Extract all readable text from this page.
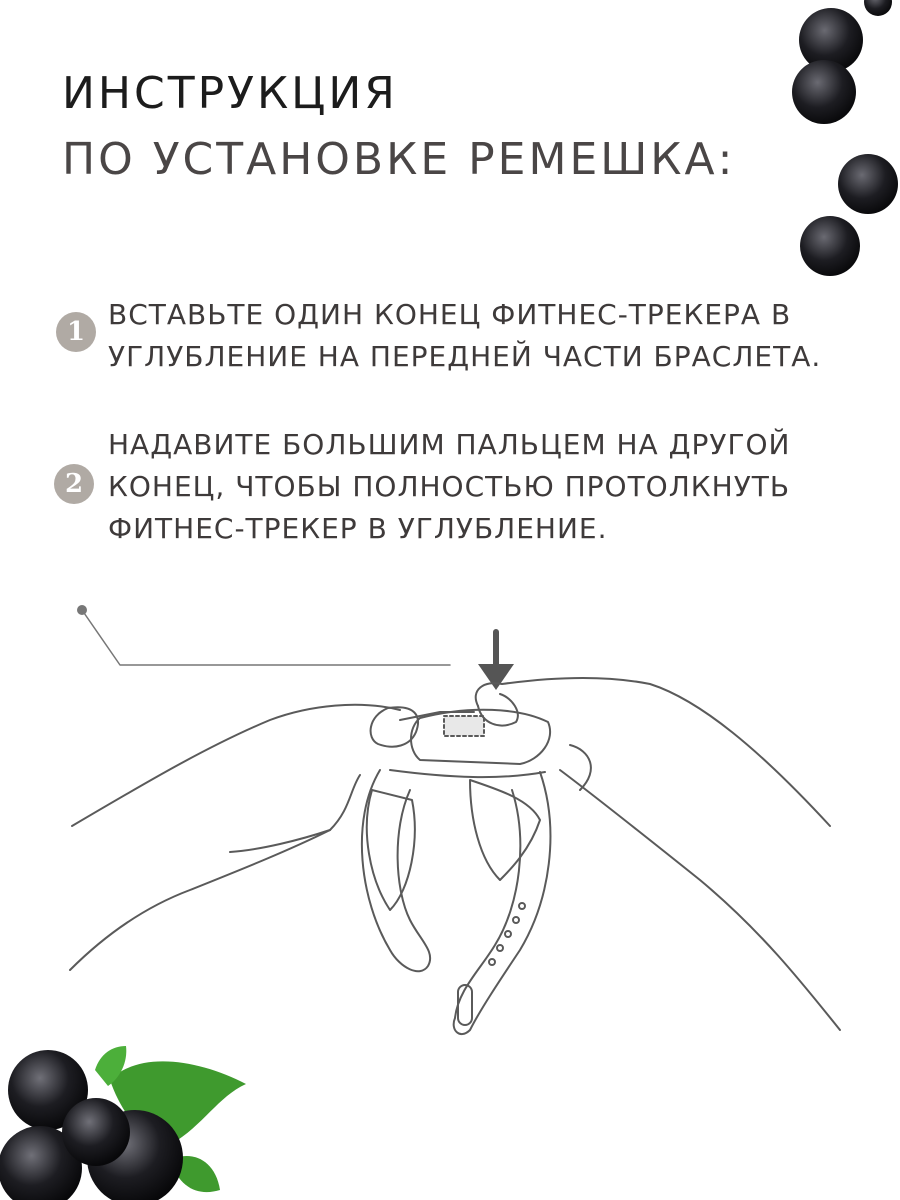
ИНСТРУКЦИЯ
ПО УСТАНОВКЕ РЕМЕШКА:
1

ВСТАВЬТЕ ОДИН КОНЕЦ ФИТНЕС-ТРЕКЕРА В
УГЛУБЛЕНИЕ НА ПЕРЕДНЕЙ ЧАСТИ БРАСЛЕТА.

2

НАДАВИТЕ БОЛЬШИМ ПАЛЬЦЕМ НА ДРУГОЙ
КОНЕЦ, ЧТОБЫ ПОЛНОСТЬЮ ПРОТОЛКНУТЬ
ФИТНЕС-ТРЕКЕР В УГЛУБЛЕНИЕ.
